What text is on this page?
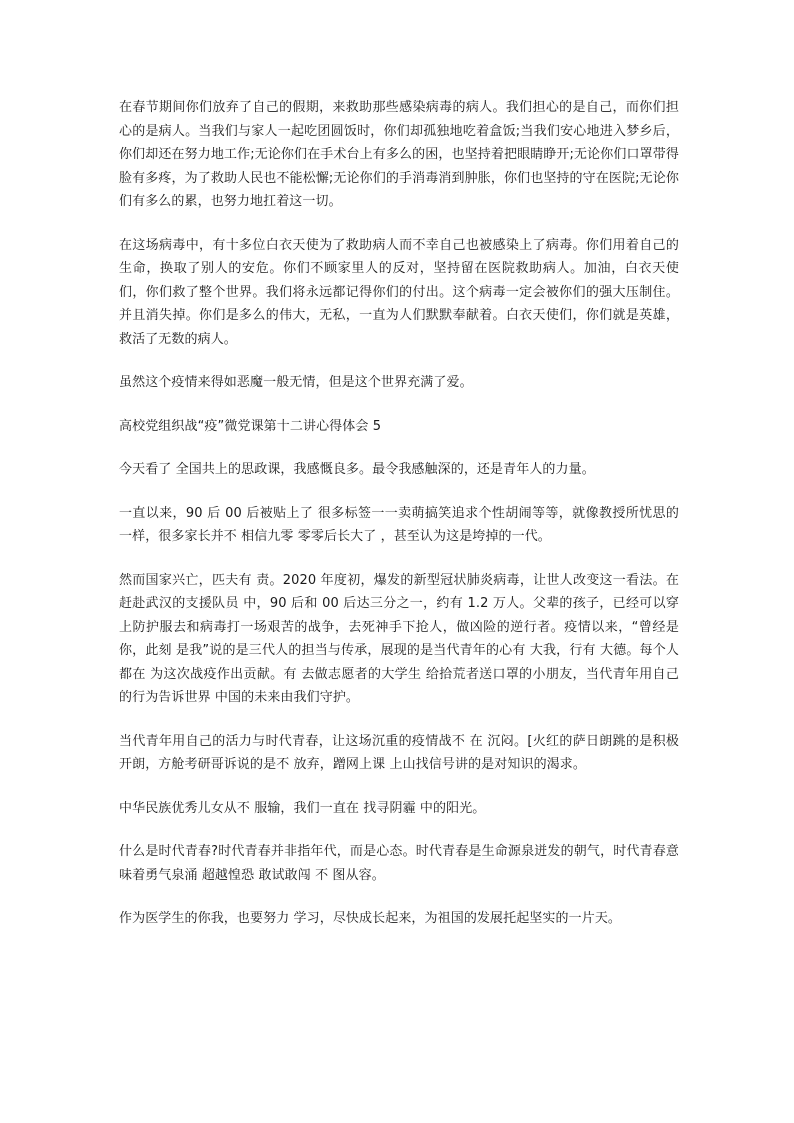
在春节期间你们放弃了自己的假期，来救助那些感染病毒的病人。我们担心的是自己，而你们担心的是病人。当我们与家人一起吃团圆饭时，你们却孤独地吃着盒饭;当我们安心地进入梦乡后，你们却还在努力地工作;无论你们在手术台上有多么的困，也坚持着把眼睛睁开;无论你们口罩带得脸有多疼，为了救助人民也不能松懈;无论你们的手消毒消到肿胀，你们也坚持的守在医院;无论你们有多么的累，也努力地扛着这一切。

在这场病毒中，有十多位白衣天使为了救助病人而不幸自己也被感染上了病毒。你们用着自己的生命，换取了别人的安危。你们不顾家里人的反对，坚持留在医院救助病人。加油，白衣天使们，你们救了整个世界。我们将永远都记得你们的付出。这个病毒一定会被你们的强大压制住。并且消失掉。你们是多么的伟大，无私，一直为人们默默奉献着。白衣天使们，你们就是英雄，救活了无数的病人。

虽然这个疫情来得如恶魔一般无情，但是这个世界充满了爱。

高校党组织战“疫”微党课第十二讲心得体会 5

今天看了 全国共上的思政课，我感慨良多。最令我感触深的，还是青年人的力量。

一直以来，90 后 00 后被贴上了 很多标签一一卖萌搞笑追求个性胡闹等等，就像教授所忧思的一样，很多家长并不 相信九零 零零后长大了 ，甚至认为这是垮掉的一代。

然而国家兴亡，匹夫有 责。2020 年度初，爆发的新型冠状肺炎病毒，让世人改变这一看法。在 赶赴武汉的支援队员 中，90 后和 00 后达三分之一，约有 1.2 万人。父辈的孩子，已经可以穿上防护服去和病毒打一场艰苦的战争，去死神手下抢人，做凶险的逆行者。疫情以来，“曾经是你，此刻 是我”说的是三代人的担当与传承，展现的是当代青年的心有 大我，行有 大德。每个人都在 为这次战疫作出贡献。有 去做志愿者的大学生 给拾荒者送口罩的小朋友，当代青年用自己的行为告诉世界 中国的未来由我们守护。

当代青年用自己的活力与时代青春，让这场沉重的疫情战不 在 沉闷。[火红的萨日朗跳的是积极开朗，方舱考研哥诉说的是不 放弃，蹭网上课 上山找信号讲的是对知识的渴求。

中华民族优秀儿女从不 服输，我们一直在 找寻阴霾 中的阳光。

什么是时代青春?时代青春并非指年代，而是心态。时代青春是生命源泉迸发的朝气，时代青春意味着勇气泉涌 超越惶恐 敢试敢闯 不 图从容。

作为医学生的你我，也要努力 学习，尽快成长起来，为祖国的发展托起坚实的一片天。
